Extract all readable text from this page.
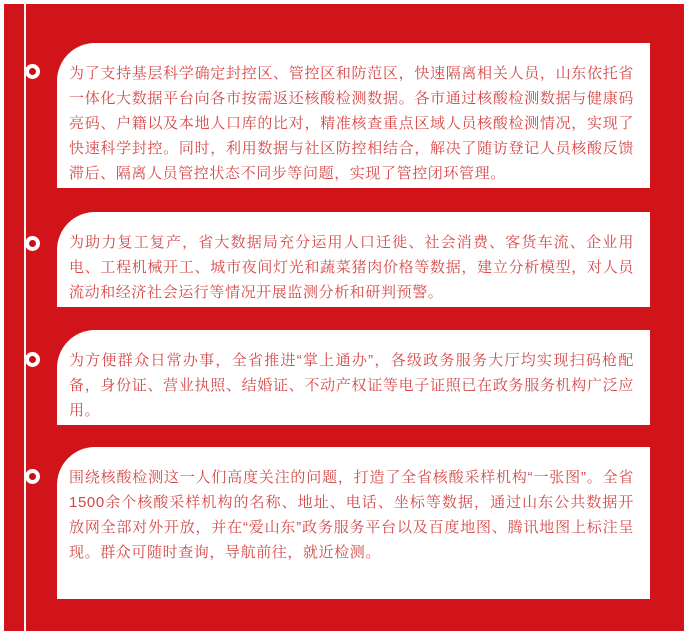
为了支持基层科学确定封控区、管控区和防范区，快速隔离相关人员，山东依托省一体化大数据平台向各市按需返还核酸检测数据。各市通过核酸检测数据与健康码亮码、户籍以及本地人口库的比对，精准核查重点区域人员核酸检测情况，实现了快速科学封控。同时，利用数据与社区防控相结合，解决了随访登记人员核酸反馈滞后、隔离人员管控状态不同步等问题，实现了管控闭环管理。

为助力复工复产，省大数据局充分运用人口迁徙、社会消费、客货车流、企业用电、工程机械开工、城市夜间灯光和蔬菜猪肉价格等数据，建立分析模型，对人员流动和经济社会运行等情况开展监测分析和研判预警。

为方便群众日常办事，全省推进“掌上通办”，各级政务服务大厅均实现扫码枪配备，身份证、营业执照、结婚证、不动产权证等电子证照已在政务服务机构广泛应用。

围绕核酸检测这一人们高度关注的问题，打造了全省核酸采样机构“一张图”。全省1500余个核酸采样机构的名称、地址、电话、坐标等数据，通过山东公共数据开放网全部对外开放，并在“爱山东”政务服务平台以及百度地图、腾讯地图上标注呈现。群众可随时查询，导航前往，就近检测。
